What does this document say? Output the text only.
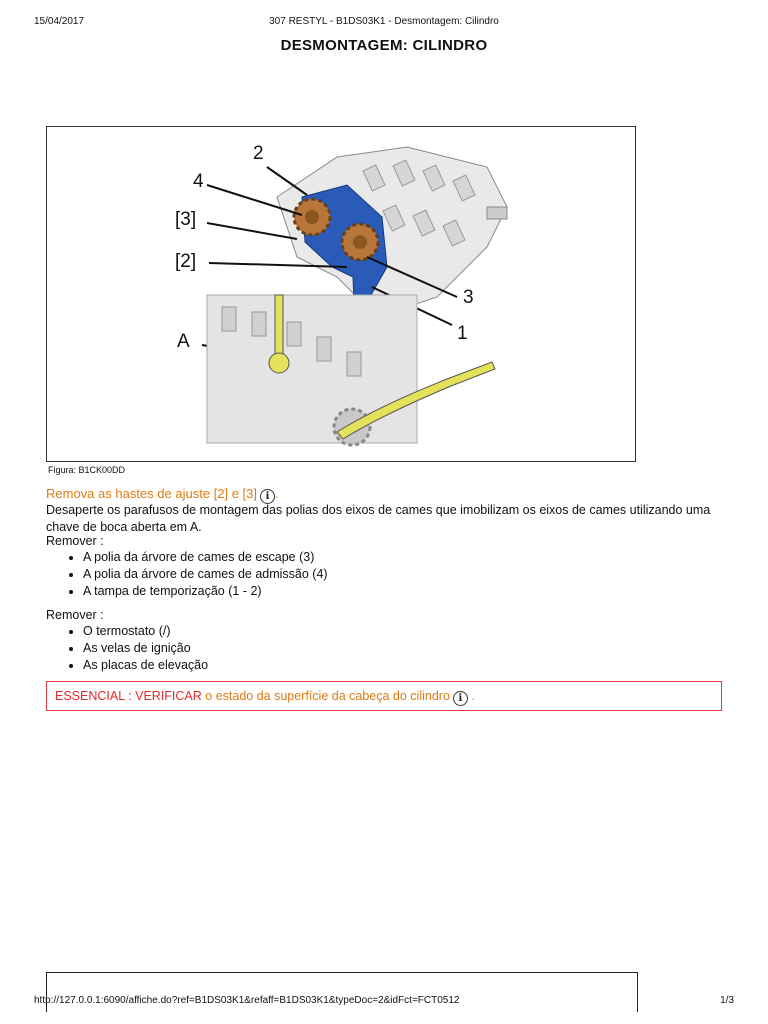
15/04/2017	307 RESTYL - B1DS03K1 - Desmontagem: Cilindro
DESMONTAGEM: CILINDRO
2
4
[3]
[2]
3
1
A
Figura: B1CK00DD
Remova as hastes de ajuste [2] e [3] i .
Desaperte os parafusos de montagem das polias dos eixos de cames que imobilizam os eixos de cames utilizando uma chave de boca aberta em A.
Remover :
• A polia da árvore de cames de escape (3)
• A polia da árvore de cames de admissão (4)
• A tampa de temporização (1 - 2)
Remover :
• O termostato (/)
• As velas de ignição
• As placas de elevação
ESSENCIAL : VERIFICAR o estado da superfície da cabeça do cilindro i .
http://127.0.0.1:6090/affiche.do?ref=B1DS03K1&refaff=B1DS03K1&typeDoc=2&idFct=FCT0512	1/3
